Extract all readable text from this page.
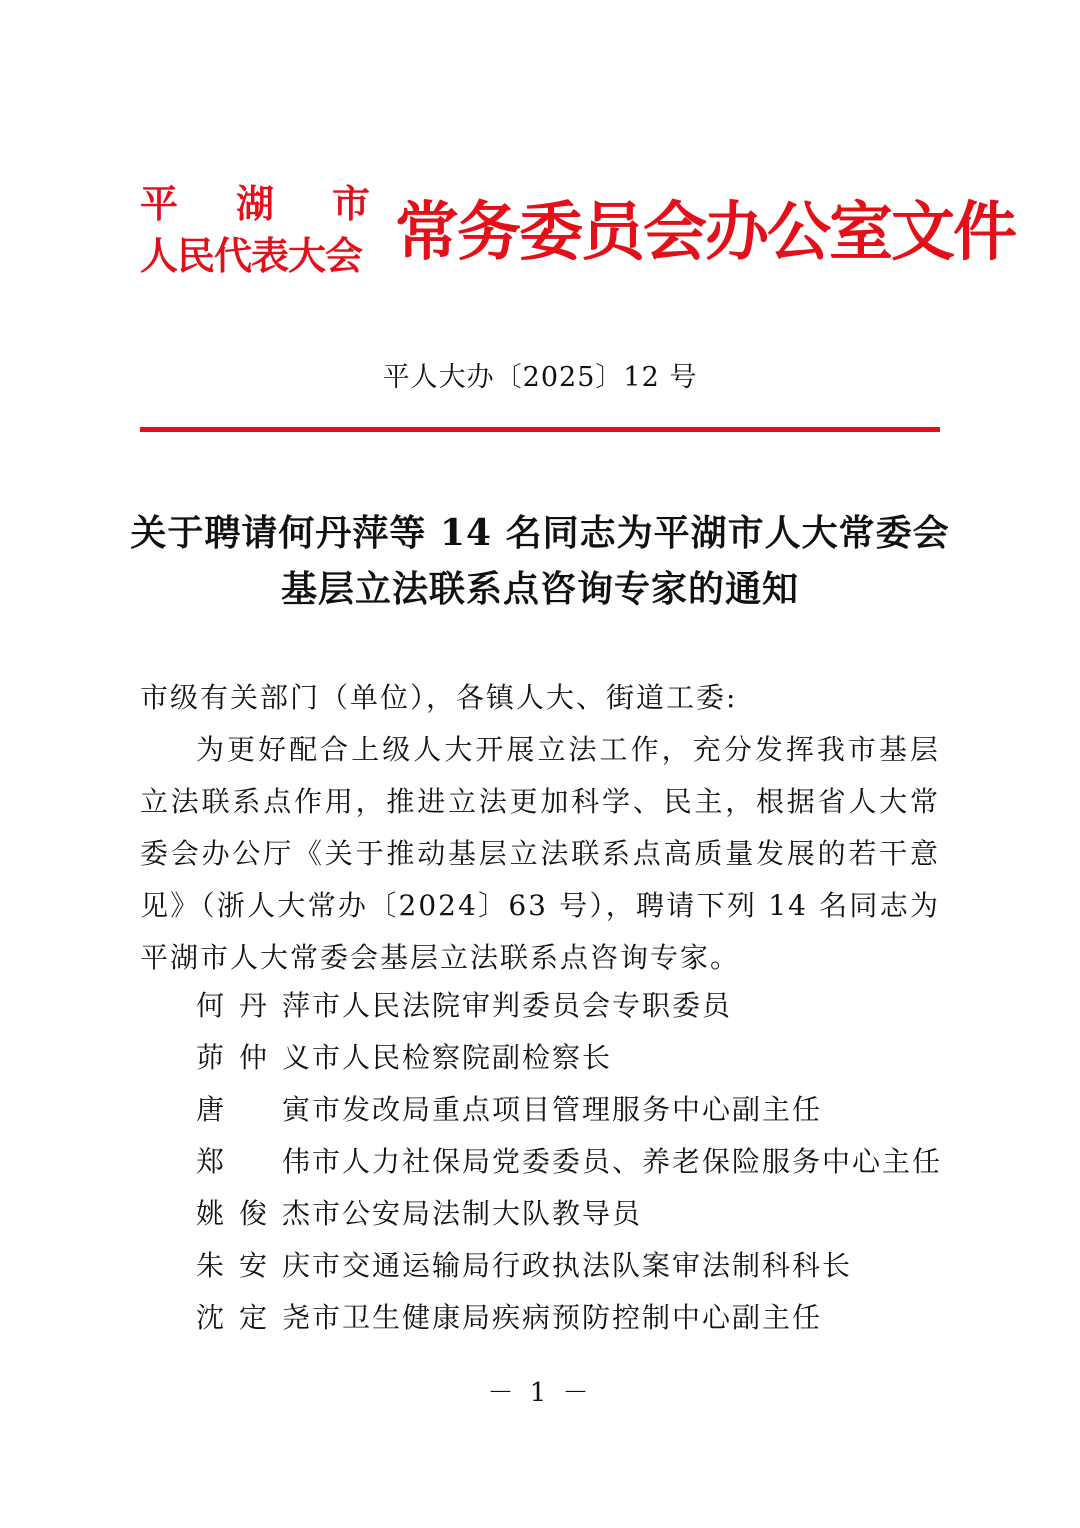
平 湖 市
人民代表大会 常务委员会办公室文件
平人大办〔2025〕12 号
关于聘请何丹萍等 14 名同志为平湖市人大常委会
基层立法联系点咨询专家的通知

市级有关部门（单位），各镇人大、街道工委:

为更好配合上级人大开展立法工作，充分发挥我市基层立法联系点作用，推进立法更加科学、民主，根据省人大常委会办公厅《关于推动基层立法联系点高质量发展的若干意见》（浙人大常办〔2024〕63 号），聘请下列 14 名同志为平湖市人大常委会基层立法联系点咨询专家。

何 丹 萍 市人民法院审判委员会专职委员
茆 仲 义 市人民检察院副检察长
唐 寅 市发改局重点项目管理服务中心副主任
郑 伟 市人力社保局党委委员、养老保险服务中心主任
姚 俊 杰 市公安局法制大队教导员
朱 安 庆 市交通运输局行政执法队案审法制科科长
沈 定 尧 市卫生健康局疾病预防控制中心副主任
－ 1 －
